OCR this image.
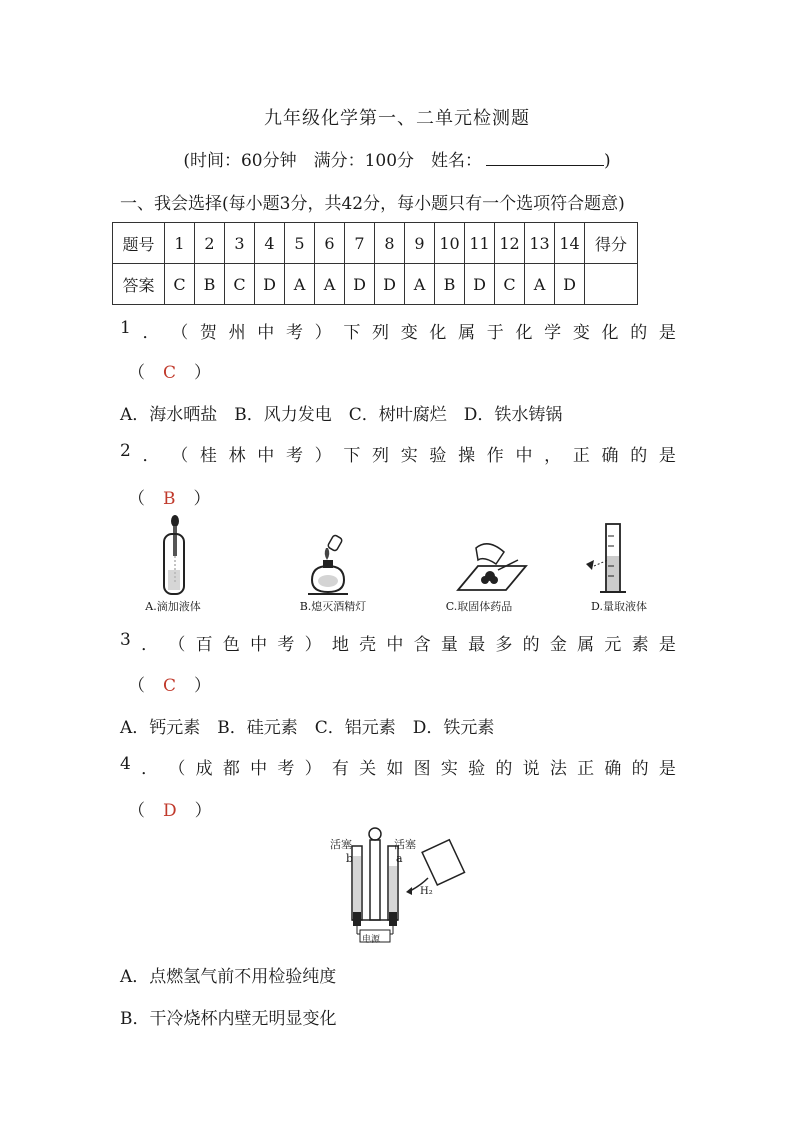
九年级化学第一、二单元检测题
(时间：60分钟　满分：100分　姓名：	)
一、我会选择(每小题3分，共42分，每小题只有一个选项符合题意)
题号	1	2	3	4	5	6	7	8	9	10	11	12	13	14	得分
答案	C	B	C	D	A	A	D	D	A	B	D	C	A	D	
1 ． （ 贺 州 中 考 ） 下 列 变 化 属 于 化 学 变 化 的 是
（ C ）
A．海水晒盐　B．风力发电　C．树叶腐烂　D．铁水铸锅
2 ． （ 桂 林 中 考 ） 下 列 实 验 操 作 中 ， 正 确 的 是
（ B ）
A.滴加液体	B.熄灭酒精灯	C.取固体药品	D.量取液体
3 ． （ 百 色 中 考 ） 地 壳 中 含 量 最 多 的 金 属 元 素 是
（ C ）
A．钙元素　B．硅元素　C．铝元素　D．铁元素
4 ． （ 成 都 中 考 ） 有 关 如 图 实 验 的 说 法 正 确 的 是
（ D ）
活塞	活塞
b	a
H₂
电源
A．点燃氢气前不用检验纯度
B．干冷烧杯内壁无明显变化
